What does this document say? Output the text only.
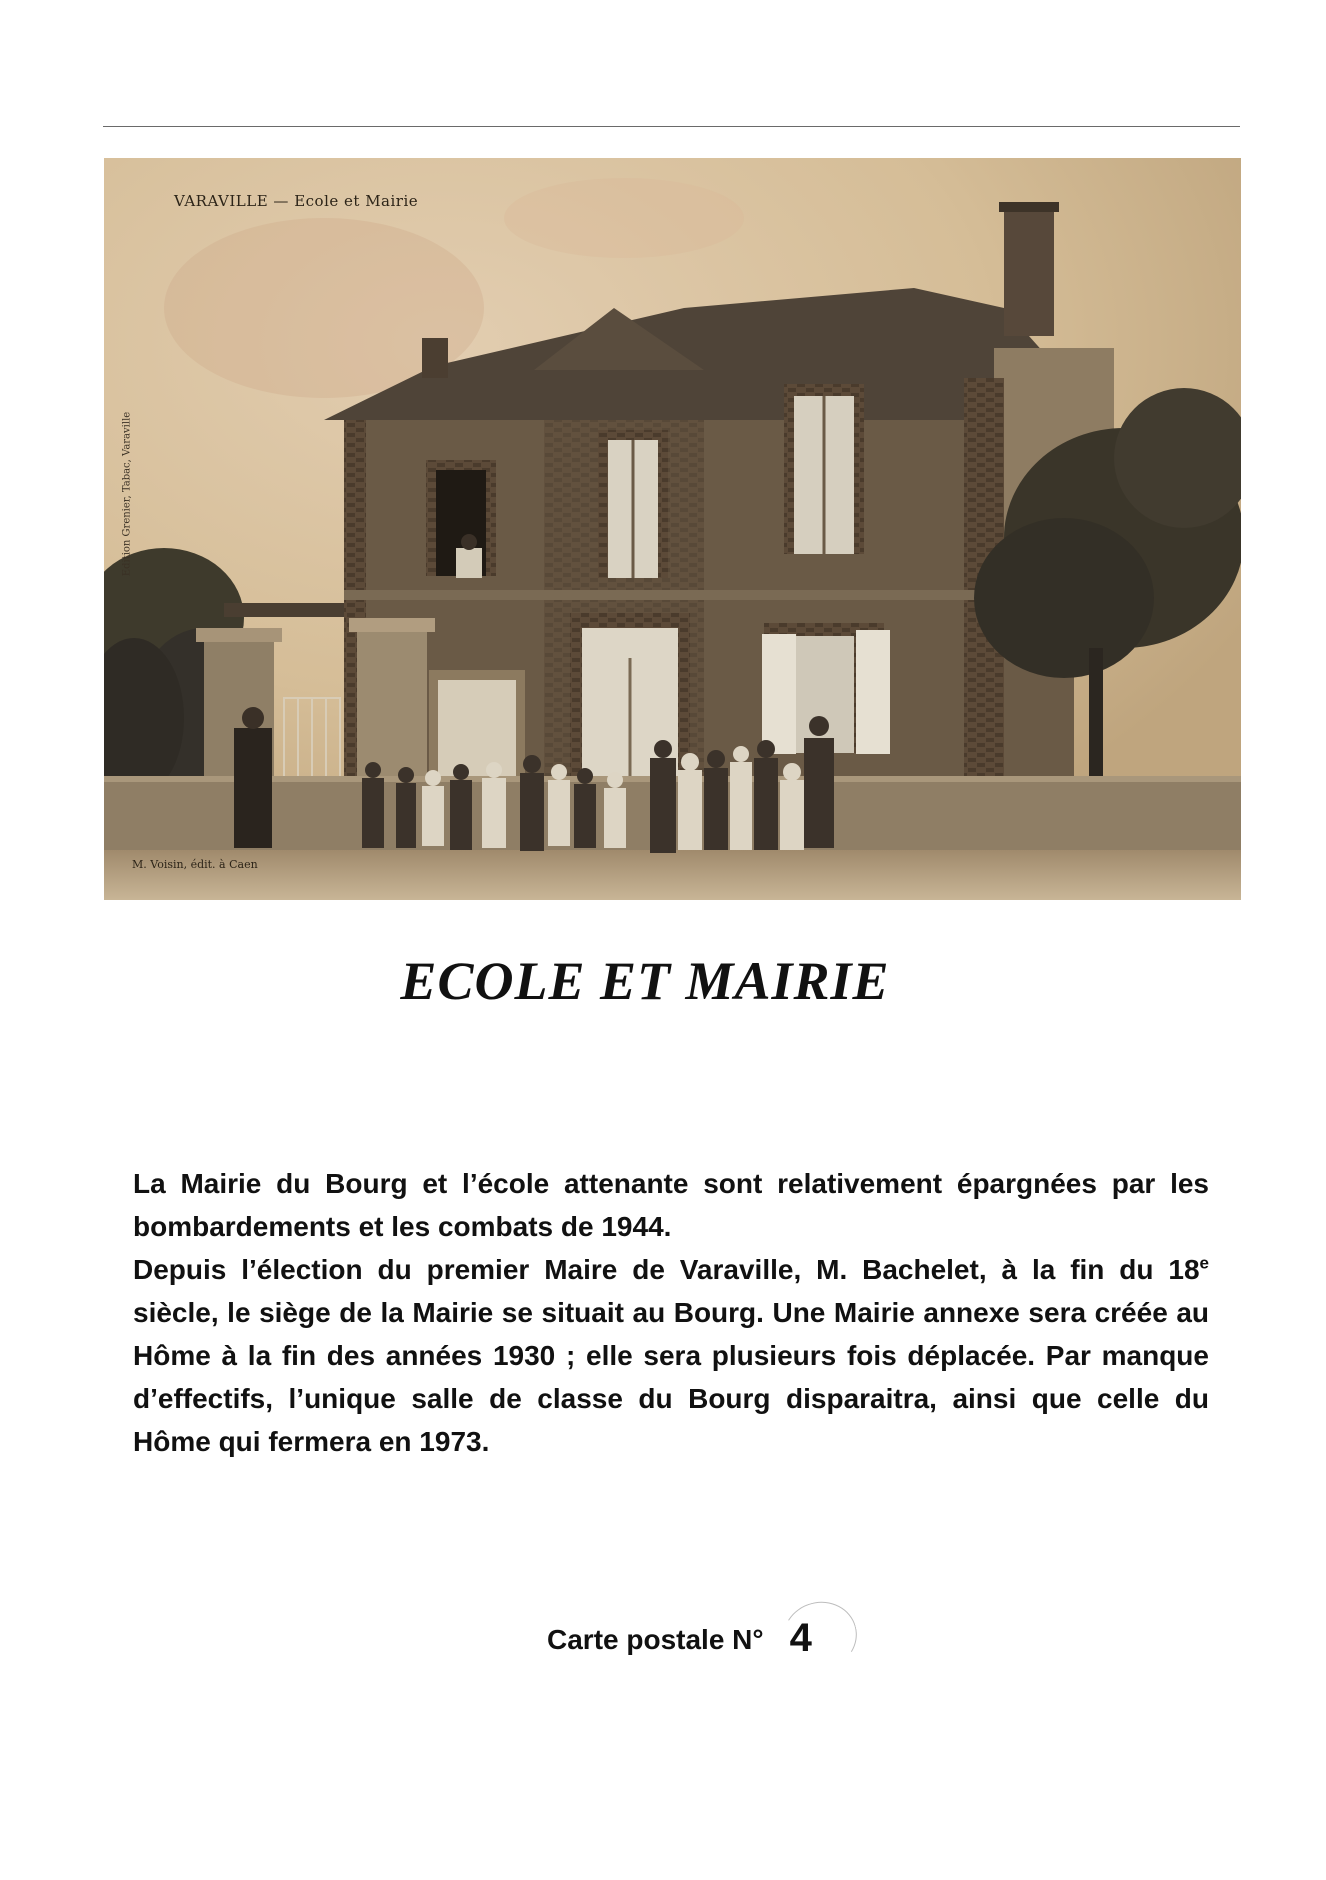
VARAVILLE — Ecole et Mairie
Edition Grenier, Tabac, Varaville
M. Voisin, édit. à Caen
ECOLE ET MAIRIE
La Mairie du Bourg et l’école attenante sont relativement épargnées par les bombardements et les combats de 1944.
Depuis l’élection du premier Maire de Varaville, M. Bachelet, à la fin du 18e siècle, le siège de la Mairie se situait au Bourg. Une Mairie annexe sera créée au Hôme à la fin des années 1930 ; elle sera plusieurs fois déplacée. Par manque d’effectifs, l’unique salle de classe du Bourg disparaitra, ainsi que celle du Hôme qui fermera en 1973.
Carte postale N° 4
